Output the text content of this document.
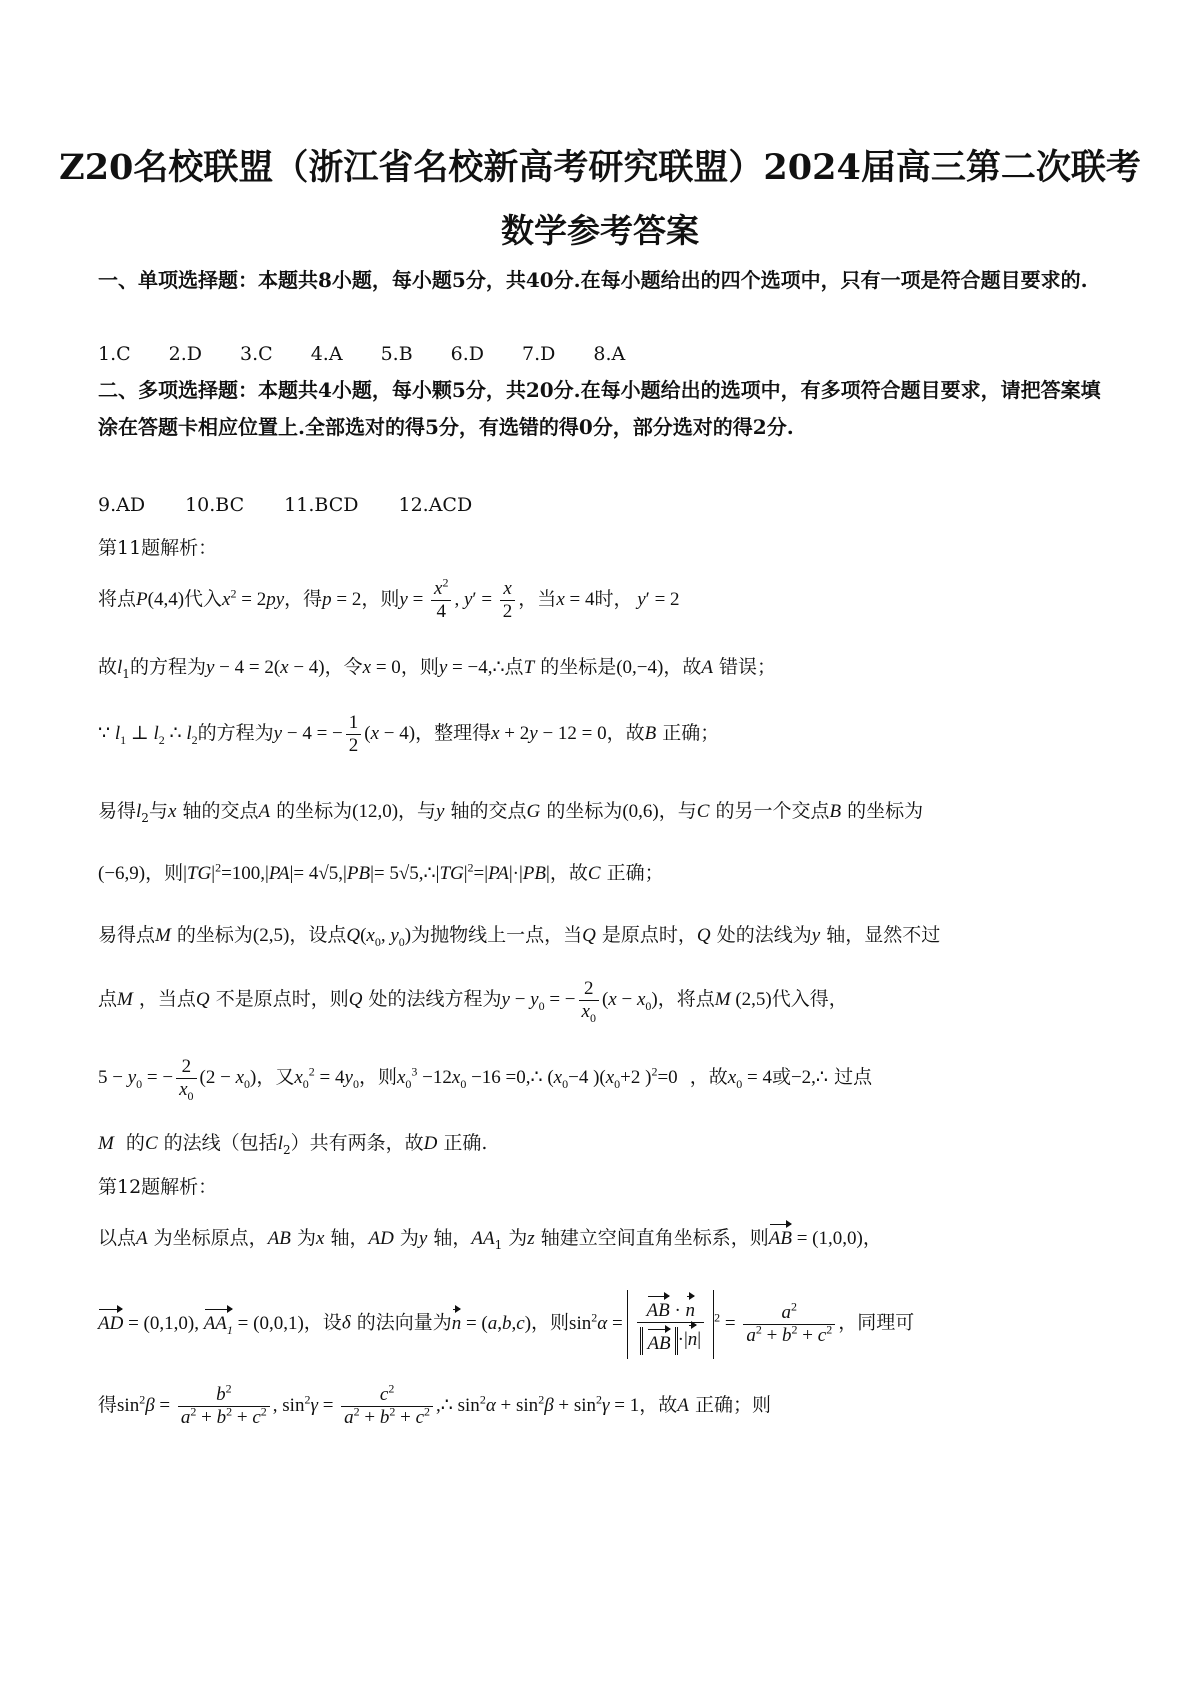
Z20名校联盟（浙江省名校新高考研究联盟）2024届高三第二次联考
数学参考答案
一、单项选择题：本题共8小题，每小题5分，共40分.在每小题给出的四个选项中，只有一项是符合题目要求的.
1.C 2.D 3.C 4.A 5.B 6.D 7.D 8.A
二、多项选择题：本题共4小题，每小颗5分，共20分.在每小题给出的选项中，有多项符合题目要求，请把答案填涂在答题卡相应位置上.全部选对的得5分，有选错的得0分，部分选对的得2分.
9.AD 10.BC 11.BCD 12.ACD
第11题解析：
将点P(4,4)代入$x^2 = 2py$，得p = 2，则$y = \frac{x^2}{4}$ , $y' = \frac{x}{2}$ ，当x = 4时， y′ = 2
故$l_1$的方程为y − 4 = 2(x − 4)，令x = 0，则y = −4,∴点T 的坐标是(0,−4)，故A 错误；
∵ $l_1$ ⊥ $l_2$ ∴ $l_2$的方程为y − 4 = − $\frac{1}{2} (x - 4)$，整理得x + 2y − 12 = 0，故B 正确；
易得$l_2$与x 轴的交点A 的坐标为(12,0)，与y 轴的交点G 的坐标为(0,6)，与C 的另一个交点B 的坐标为
(−6,9)，则$|TG|^2=100,|PA|= 4√5,|PB|=$ $5√5,\therefore|TG|^2=|PA|\cdot|PB|$，故C 正确；
易得点M 的坐标为(2,5)，设点$Q(x_0$, $y_0$)为抛物线上一点，当Q 是原点时，Q 处的法线为y 轴，显然不过
点M ，当点Q 不是原点时，则Q 处的法线方程为$y - y_0$ = − $\frac{2}{x_0} (x - x_0)$，将点M (2,5)代入得，
$5 - y_0$ = − $\frac{2}{x_0} (2 - x_0)$，又$x_0^2 = 4y_0$，则$x_0^3 -12x_0 -16$ =0,∴ ($x_0-4$ )($x_0+2$ )$^2$=0 ，故$x_0 = 4$或−2,∴ 过点
M 的C 的法线（包括$l_2$）共有两条，故D 正确.
第12题解析：
以点A 为坐标原点，AB 为x 轴，AD 为y 轴，$AA_1$ 为z 轴建立空间直角坐标系，则AB = (1,0,0)，
AD = (0,1,0), $AA_1 = (0,0,1)$，设δ 的法向量为n = (a,b,c)，则$\sin^2\alpha = \frac{AB \cdot n}{AB \cdot|n|} ^2 = \frac{a^2}{a^2 + b^2 + c^2}$ ，同理可
得$\sin^2\beta = \frac{b^2}{a^2 + b^2 + c^2}$ , $\sin^2\gamma = \frac{c^2}{a^2 + b^2 + c^2}$ ,∴ $\sin^2\alpha + \sin^2\beta + \sin^2\gamma = 1$，故A 正确；则
